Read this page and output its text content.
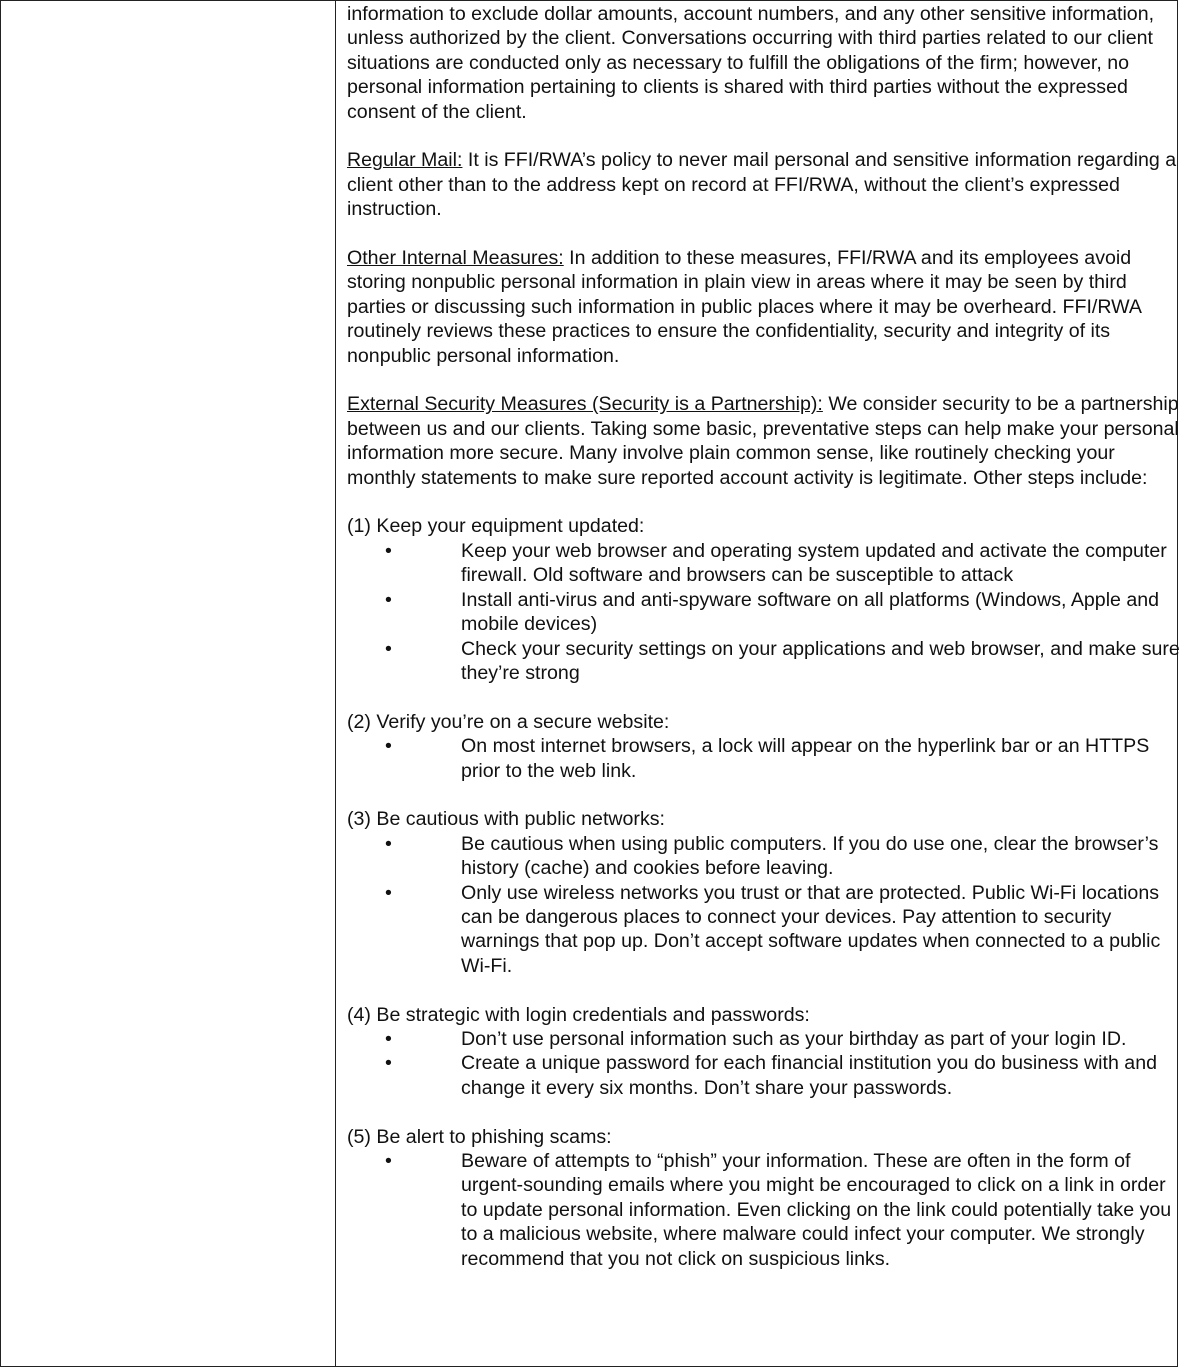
information to exclude dollar amounts, account numbers, and any other sensitive information, unless authorized by the client. Conversations occurring with third parties related to our client situations are conducted only as necessary to fulfill the obligations of the firm; however, no personal information pertaining to clients is shared with third parties without the expressed consent of the client.

Regular Mail: It is FFI/RWA’s policy to never mail personal and sensitive information regarding a client other than to the address kept on record at FFI/RWA, without the client’s expressed instruction.

Other Internal Measures: In addition to these measures, FFI/RWA and its employees avoid storing nonpublic personal information in plain view in areas where it may be seen by third parties or discussing such information in public places where it may be overheard. FFI/RWA routinely reviews these practices to ensure the confidentiality, security and integrity of its nonpublic personal information.

External Security Measures (Security is a Partnership): We consider security to be a partnership between us and our clients. Taking some basic, preventative steps can help make your personal information more secure. Many involve plain common sense, like routinely checking your monthly statements to make sure reported account activity is legitimate. Other steps include:

(1) Keep your equipment updated:

•	Keep your web browser and operating system updated and activate the computer firewall. Old software and browsers can be susceptible to attack
•	Install anti-virus and anti-spyware software on all platforms (Windows, Apple and mobile devices)
•	Check your security settings on your applications and web browser, and make sure they’re strong

(2) Verify you’re on a secure website:

•	On most internet browsers, a lock will appear on the hyperlink bar or an HTTPS prior to the web link.

(3) Be cautious with public networks:

•	Be cautious when using public computers. If you do use one, clear the browser’s history (cache) and cookies before leaving.
•	Only use wireless networks you trust or that are protected. Public Wi-Fi locations can be dangerous places to connect your devices. Pay attention to security warnings that pop up. Don’t accept software updates when connected to a public Wi-Fi.

(4) Be strategic with login credentials and passwords:

•	Don’t use personal information such as your birthday as part of your login ID.
•	Create a unique password for each financial institution you do business with and change it every six months. Don’t share your passwords.

(5) Be alert to phishing scams:

•	Beware of attempts to “phish” your information. These are often in the form of urgent-sounding emails where you might be encouraged to click on a link in order to update personal information. Even clicking on the link could potentially take you to a malicious website, where malware could infect your computer. We strongly recommend that you not click on suspicious links.
